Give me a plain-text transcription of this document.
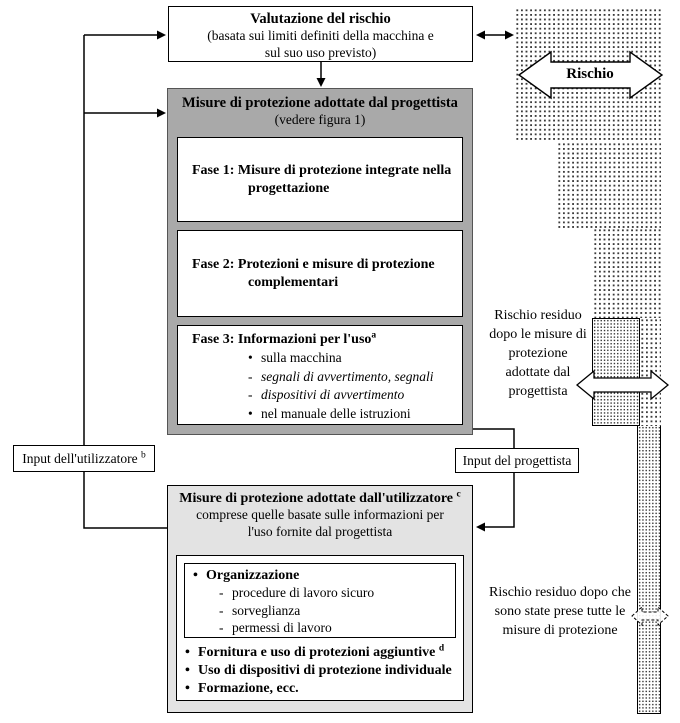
Rischio
Valutazione del rischio
(basata sui limiti definiti della macchina e sul suo uso previsto)
Misure di protezione adottate dal progettista
(vedere figura 1)
Fase 1: Misure di protezione integrate nella progettazione
Fase 2: Protezioni e misure di protezione complementari
Fase 3: Informazioni per l'uso$^a$
• sulla macchina
- segnali di avvertimento, segnali
- dispositivi di avvertimento
• nel manuale delle istruzioni
Input dell'utilizzatore $^b$	Input del progettista
Misure di protezione adottate dall'utilizzatore $^c$
comprese quelle basate sulle informazioni per l'uso fornite dal progettista
• Organizzazione
- procedure di lavoro sicuro
- sorveglianza
- permessi di lavoro
• Fornitura e uso di protezioni aggiuntive $^d$
• Uso di dispositivi di protezione individuale
• Formazione, ecc.
Rischio residuo dopo le misure di protezione adottate dal progettista
Rischio residuo dopo che sono state prese tutte le misure di protezione
